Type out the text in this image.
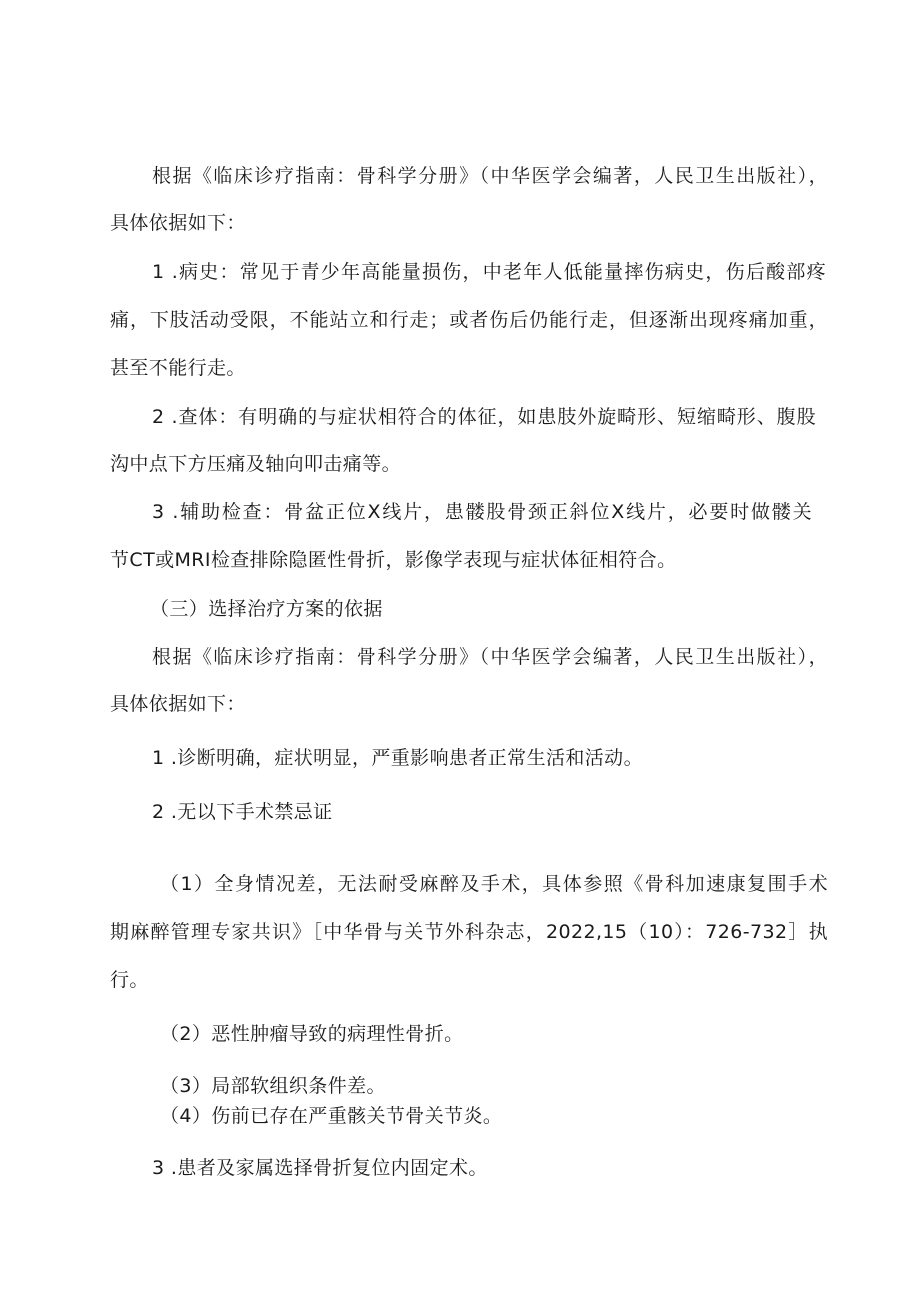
根据《临床诊疗指南：骨科学分册》（中华医学会编著，人民卫生出版社），
具体依据如下：
1 .病史：常见于青少年高能量损伤，中老年人低能量摔伤病史，伤后酸部疼
痛，下肢活动受限，不能站立和行走；或者伤后仍能行走，但逐渐出现疼痛加重，
甚至不能行走。
2 .查体：有明确的与症状相符合的体征，如患肢外旋畸形、短缩畸形、腹股
沟中点下方压痛及轴向叩击痛等。
3 .辅助检查：骨盆正位X线片，患髅股骨颈正斜位X线片，必要时做髅关
节CT或MRI检查排除隐匿性骨折，影像学表现与症状体征相符合。
（三）选择治疗方案的依据
根据《临床诊疗指南：骨科学分册》（中华医学会编著，人民卫生出版社），
具体依据如下：
1 .诊断明确，症状明显，严重影响患者正常生活和活动。
2 .无以下手术禁忌证
（1）全身情况差，无法耐受麻醉及手术，具体参照《骨科加速康复围手术
期麻醉管理专家共识》［中华骨与关节外科杂志，2022,15（10）：726-732］执
行。
（2）恶性肿瘤导致的病理性骨折。
（3）局部软组织条件差。
（4）伤前已存在严重骸关节骨关节炎。
3 .患者及家属选择骨折复位内固定术。
